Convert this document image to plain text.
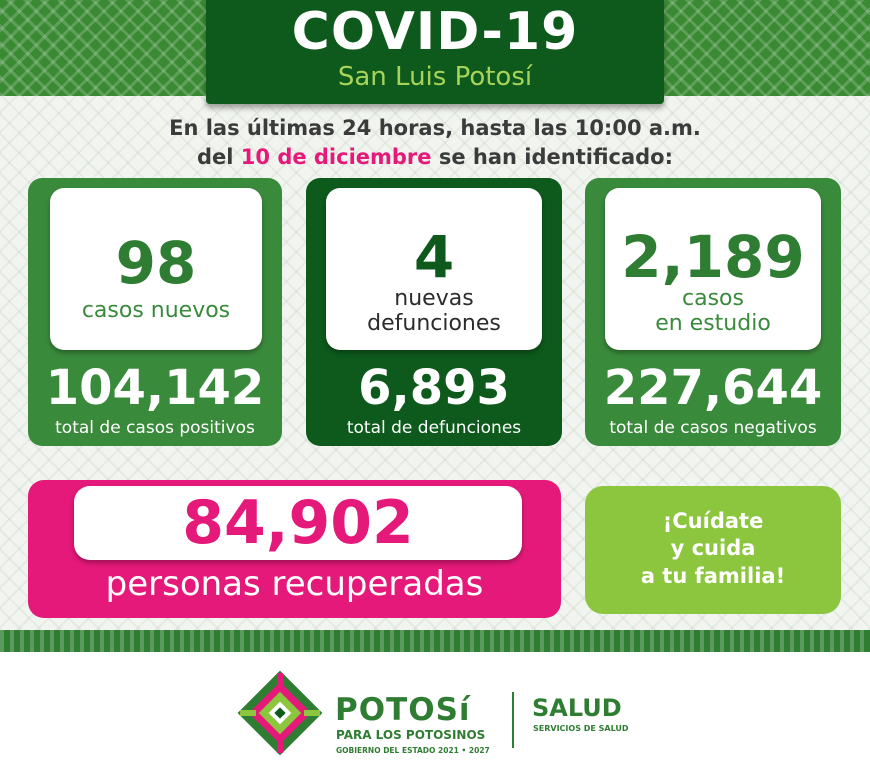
COVID-19
San Luis Potosí
En las últimas 24 horas, hasta las 10:00 a.m.
del 10 de diciembre se han identificado:
98
casos nuevos
104,142
total de casos positivos
4
nuevas
defunciones
6,893
total de defunciones
2,189
casos
en estudio
227,644
total de casos negativos
84,902
personas recuperadas
¡Cuídate
y cuida
a tu familia!
POTOSí
PARA LOS POTOSINOS
GOBIERNO DEL ESTADO 2021 • 2027
SALUD
SERVICIOS DE SALUD
